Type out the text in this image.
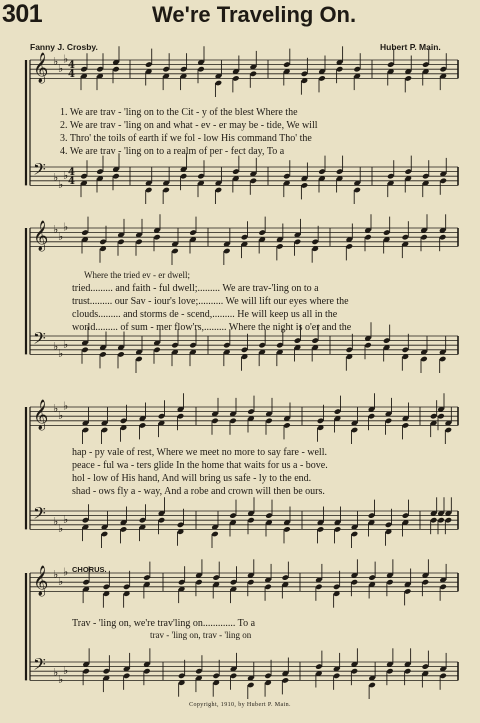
𝄞 ♭
♭
♭
𝄢 ♭
♭
♭
4
4
4
4
𝄞 ♭
♭
♭
𝄢 ♭
♭
♭
𝄞 ♭
♭
♭
𝄢 ♭
♭
♭
𝄞 ♭
♭
♭
𝄢 ♭
♭
♭
301	We're Traveling On.
Fanny J. Crosby.	Hubert P. Main.
1. We are trav - 'ling on to the Cit - y of the blest Where the
2. We are trav - 'ling on and what - ev - er may be - tide, We will
3. Thro' the toils of earth if we fol - low His command Tho' the
4. We are trav - 'ling on to a realm of per - fect day, To a
Where the tried ev - er dwell;
tried......... and faith - ful dwell;......... We are trav-'ling on to a
trust......... our Sav - iour's love;.......... We will lift our eyes where the
clouds......... and storms de - scend,......... He will keep us all in the
world......... of sum - mer flow'rs,......... Where the night is o'er and the
hap - py vale of rest, Where we meet no more to say fare - well.
peace - ful wa - ters glide In the home that waits for us a - bove.
hol - low of His hand, And will bring us safe - ly to the end.
shad - ows fly a - way, And a robe and crown will then be ours.
CHORUS.
Trav - 'ling on, we're trav'ling on............. To a
trav - 'ling on, trav - 'ling on
Copyright, 1910, by Hubert P. Main.
